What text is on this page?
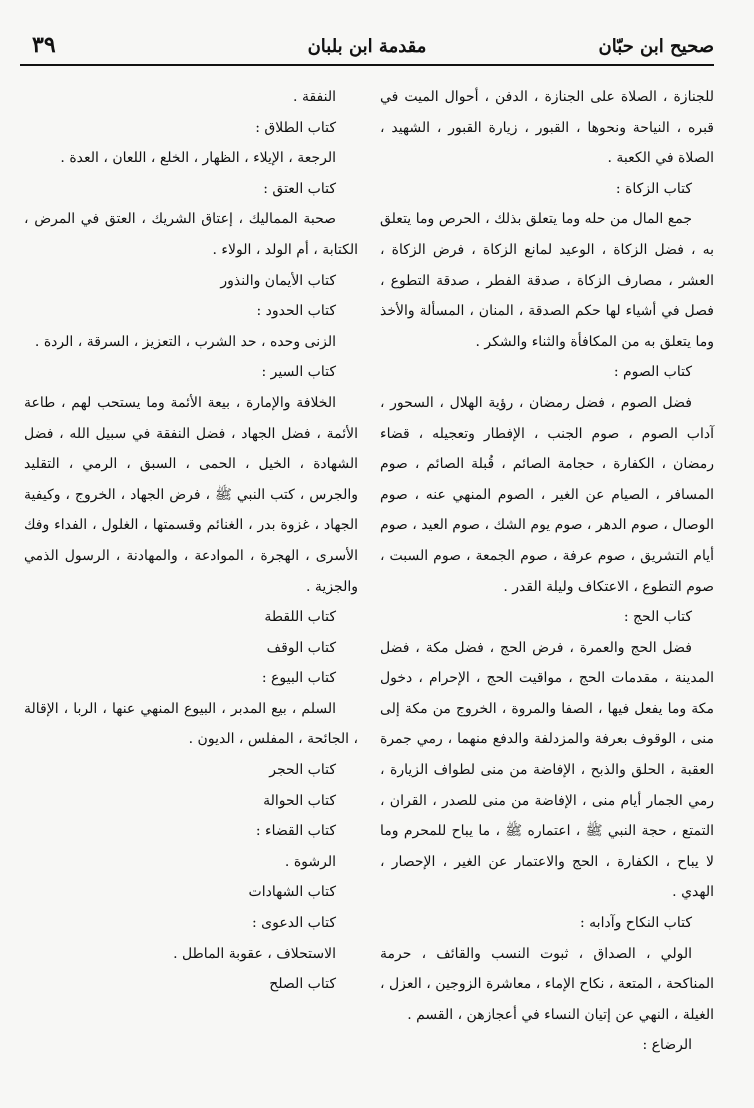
صحيح ابن حبّان
مقدمة ابن بلبان
٣٩

للجنازة ، الصلاة على الجنازة ، الدفن ، أحوال الميت في قبره ، النياحة ونحوها ، القبور ، زيارة القبور ، الشهيد ، الصلاة في الكعبة .

كتاب الزكاة :

جمع المال من حله وما يتعلق بذلك ، الحرص وما يتعلق به ، فضل الزكاة ، الوعيد لمانع الزكاة ، فرض الزكاة ، العشر ، مصارف الزكاة ، صدقة الفطر ، صدقة التطوع ، فصل في أشياء لها حكم الصدقة ، المنان ، المسألة والأخذ وما يتعلق به من المكافأة والثناء والشكر .

كتاب الصوم :

فضل الصوم ، فضل رمضان ، رؤية الهلال ، السحور ، آداب الصوم ، صوم الجنب ، الإفطار وتعجيله ، قضاء رمضان ، الكفارة ، حجامة الصائم ، قُبلة الصائم ، صوم المسافر ، الصيام عن الغير ، الصوم المنهي عنه ، صوم الوصال ، صوم الدهر ، صوم يوم الشك ، صوم العيد ، صوم أيام التشريق ، صوم عرفة ، صوم الجمعة ، صوم السبت ، صوم التطوع ، الاعتكاف وليلة القدر .

كتاب الحج :

فضل الحج والعمرة ، فرض الحج ، فضل مكة ، فضل المدينة ، مقدمات الحج ، مواقيت الحج ، الإحرام ، دخول مكة وما يفعل فيها ، الصفا والمروة ، الخروج من مكة إلى منى ، الوقوف بعرفة والمزدلفة والدفع منهما ، رمي جمرة العقبة ، الحلق والذبح ، الإفاضة من منى لطواف الزيارة ، رمي الجمار أيام منى ، الإفاضة من منى للصدر ، القران ، التمتع ، حجة النبي ﷺ ، اعتماره ﷺ ، ما يباح للمحرم وما لا يباح ، الكفارة ، الحج والاعتمار عن الغير ، الإحصار ، الهدي .

كتاب النكاح وآدابه :

الولي ، الصداق ، ثبوت النسب والقائف ، حرمة المناكحة ، المتعة ، نكاح الإماء ، معاشرة الزوجين ، العزل ، الغيلة ، النهي عن إتيان النساء في أعجازهن ، القسم .

الرضاع :

النفقة .

كتاب الطلاق :

الرجعة ، الإيلاء ، الظهار ، الخلع ، اللعان ، العدة .

كتاب العتق :

صحبة المماليك ، إعتاق الشريك ، العتق في المرض ، الكتابة ، أم الولد ، الولاء .

كتاب الأيمان والنذور

كتاب الحدود :

الزنى وحده ، حد الشرب ، التعزيز ، السرقة ، الردة .

كتاب السير :

الخلافة والإمارة ، بيعة الأئمة وما يستحب لهم ، طاعة الأئمة ، فضل الجهاد ، فضل النفقة في سبيل الله ، فضل الشهادة ، الخيل ، الحمى ، السبق ، الرمي ، التقليد والجرس ، كتب النبي ﷺ ، فرض الجهاد ، الخروج ، وكيفية الجهاد ، غزوة بدر ، الغنائم وقسمتها ، الغلول ، الفداء وفك الأسرى ، الهجرة ، الموادعة ، والمهادنة ، الرسول الذمي والجزية .

كتاب اللقطة

كتاب الوقف

كتاب البيوع :

السلم ، بيع المدبر ، البيوع المنهي عنها ، الربا ، الإقالة ، الجائحة ، المفلس ، الديون .

كتاب الحجر

كتاب الحوالة

كتاب القضاء :

الرشوة .

كتاب الشهادات

كتاب الدعوى :

الاستحلاف ، عقوبة الماطل .

كتاب الصلح
